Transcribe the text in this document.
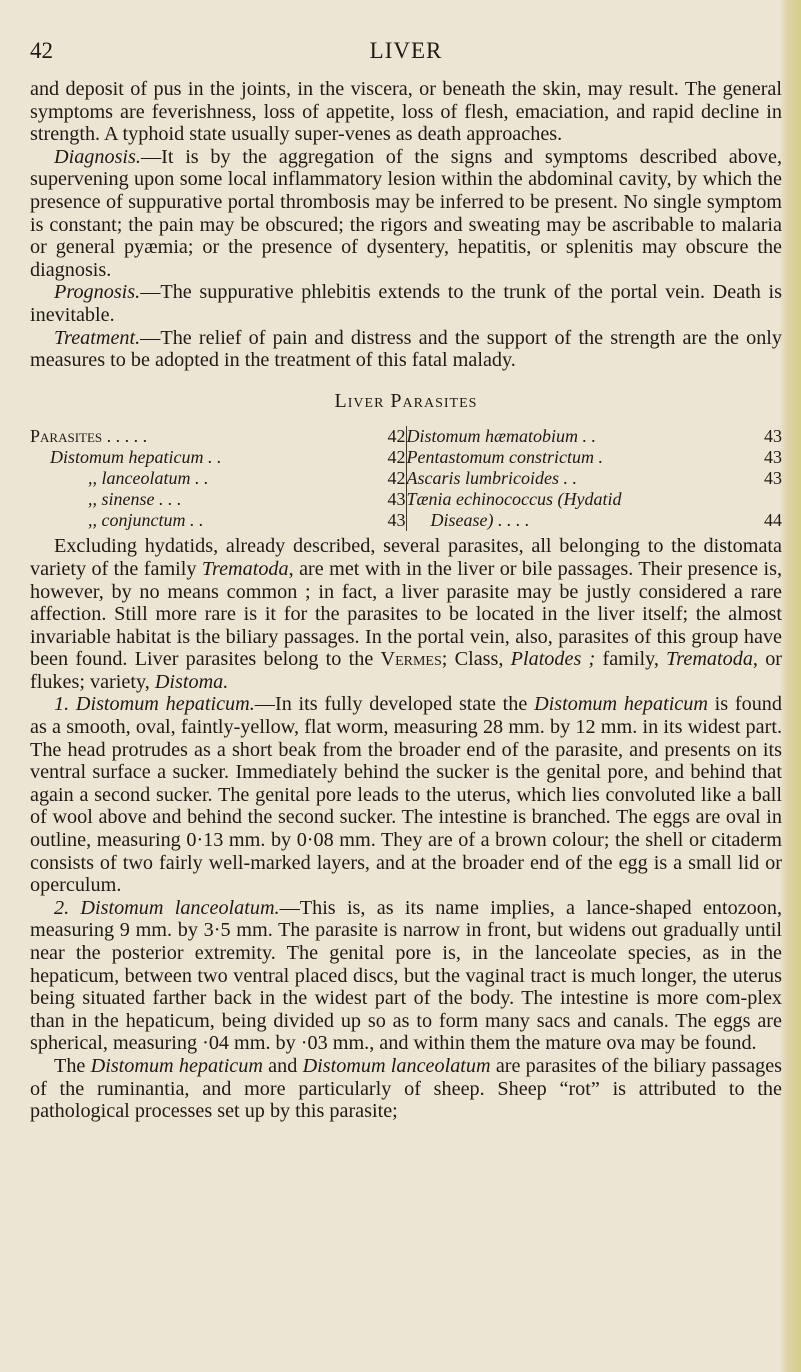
LIVER
42

and deposit of pus in the joints, in the viscera, or beneath the skin, may result. The general symptoms are feverishness, loss of appetite, loss of flesh, emaciation, and rapid decline in strength. A typhoid state usually super-venes as death approaches.

Diagnosis.—It is by the aggregation of the signs and symptoms described above, supervening upon some local inflammatory lesion within the abdominal cavity, by which the presence of suppurative portal thrombosis may be inferred to be present. No single symptom is constant; the pain may be obscured; the rigors and sweating may be ascribable to malaria or general pyæmia; or the presence of dysentery, hepatitis, or splenitis may obscure the diagnosis.

Prognosis.—The suppurative phlebitis extends to the trunk of the portal vein. Death is inevitable.

Treatment.—The relief of pain and distress and the support of the strength are the only measures to be adopted in the treatment of this fatal malady.

Liver Parasites
Parasites . . . . .	42
Distomum hepaticum . .	42
,, lanceolatum . .	42
,, sinense . . .	43
,, conjunctum . .	43

Distomum hæmatobium . .	43
Pentastomum constrictum .	43
Ascaris lumbricoides . .	43
Tænia echinococcus (Hydatid
Disease) . . . .	44

Excluding hydatids, already described, several parasites, all belonging to the distomata variety of the family Trematoda, are met with in the liver or bile passages. Their presence is, however, by no means common ; in fact, a liver parasite may be justly considered a rare affection. Still more rare is it for the parasites to be located in the liver itself; the almost invariable habitat is the biliary passages. In the portal vein, also, parasites of this group have been found. Liver parasites belong to the Vermes; Class, Platodes ; family, Trematoda, or flukes; variety, Distoma.

1. Distomum hepaticum.—In its fully developed state the Distomum hepaticum is found as a smooth, oval, faintly-yellow, flat worm, measuring 28 mm. by 12 mm. in its widest part. The head protrudes as a short beak from the broader end of the parasite, and presents on its ventral surface a sucker. Immediately behind the sucker is the genital pore, and behind that again a second sucker. The genital pore leads to the uterus, which lies convoluted like a ball of wool above and behind the second sucker. The intestine is branched. The eggs are oval in outline, measuring 0·13 mm. by 0·08 mm. They are of a brown colour; the shell or citaderm consists of two fairly well-marked layers, and at the broader end of the egg is a small lid or operculum.

2. Distomum lanceolatum.—This is, as its name implies, a lance-shaped entozoon, measuring 9 mm. by 3·5 mm. The parasite is narrow in front, but widens out gradually until near the posterior extremity. The genital pore is, in the lanceolate species, as in the hepaticum, between two ventral placed discs, but the vaginal tract is much longer, the uterus being situated farther back in the widest part of the body. The intestine is more com-plex than in the hepaticum, being divided up so as to form many sacs and canals. The eggs are spherical, measuring ·04 mm. by ·03 mm., and within them the mature ova may be found.

The Distomum hepaticum and Distomum lanceolatum are parasites of the biliary passages of the ruminantia, and more particularly of sheep. Sheep “rot” is attributed to the pathological processes set up by this parasite;
